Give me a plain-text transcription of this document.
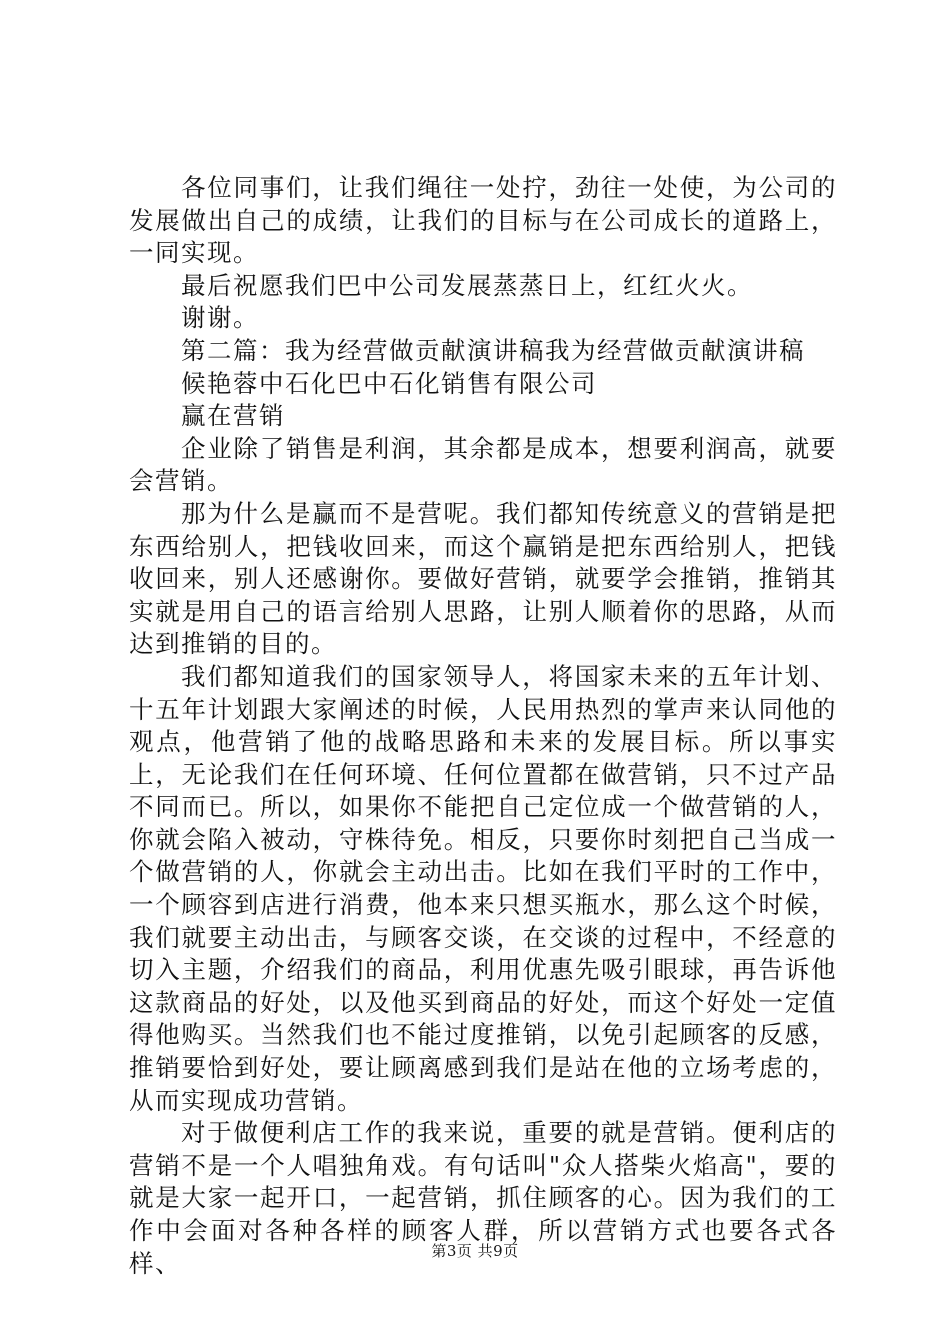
各位同事们，让我们绳往一处拧，劲往一处使，为公司的发展做出自己的成绩，让我们的目标与在公司成长的道路上，一同实现。

最后祝愿我们巴中公司发展蒸蒸日上，红红火火。

谢谢。

第二篇：我为经营做贡献演讲稿我为经营做贡献演讲稿

候艳蓉中石化巴中石化销售有限公司

赢在营销

企业除了销售是利润，其余都是成本，想要利润高，就要会营销。

那为什么是赢而不是营呢。我们都知传统意义的营销是把东西给别人，把钱收回来，而这个赢销是把东西给别人，把钱收回来，别人还感谢你。要做好营销，就要学会推销，推销其实就是用自己的语言给别人思路，让别人顺着你的思路，从而达到推销的目的。

我们都知道我们的国家领导人，将国家未来的五年计划、十五年计划跟大家阐述的时候，人民用热烈的掌声来认同他的观点，他营销了他的战略思路和未来的发展目标。所以事实上，无论我们在任何环境、任何位置都在做营销，只不过产品不同而已。所以，如果你不能把自己定位成一个做营销的人，你就会陷入被动，守株待免。相反，只要你时刻把自己当成一个做营销的人，你就会主动出击。比如在我们平时的工作中，一个顾容到店进行消费，他本来只想买瓶水，那么这个时候，我们就要主动出击，与顾客交谈，在交谈的过程中，不经意的切入主题，介绍我们的商品，利用优惠先吸引眼球，再告诉他这款商品的好处，以及他买到商品的好处，而这个好处一定值得他购买。当然我们也不能过度推销，以免引起顾客的反感，推销要恰到好处，要让顾离感到我们是站在他的立场考虑的，从而实现成功营销。

对于做便利店工作的我来说，重要的就是营销。便利店的营销不是一个人唱独角戏。有句话叫"众人搭柴火焰高"，要的就是大家一起开口，一起营销，抓住顾客的心。因为我们的工作中会面对各种各样的顾客人群，所以营销方式也要各式各样、	第3页 共9页
